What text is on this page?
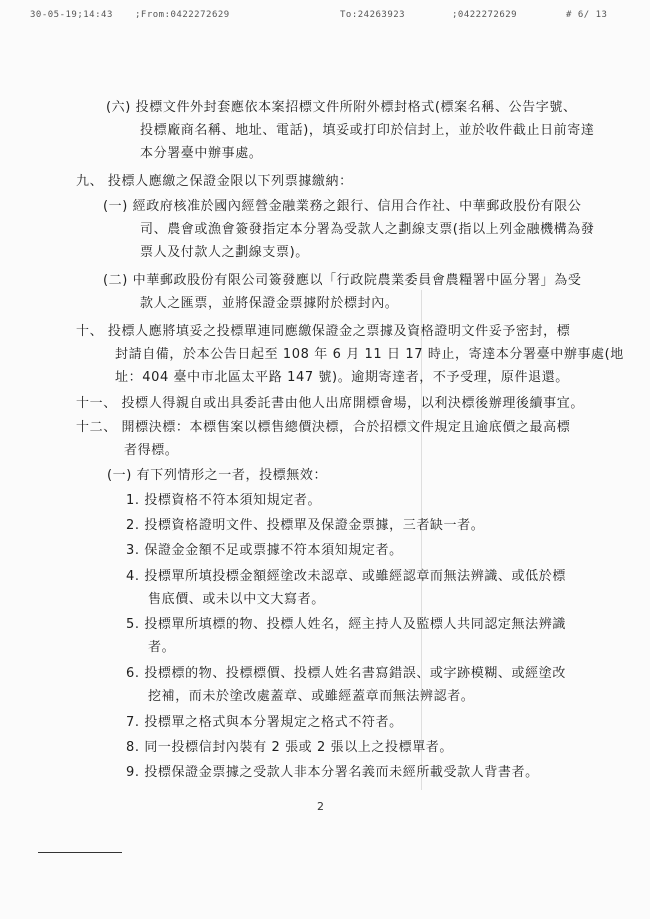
30-05-19;14:43 ;From:0422272629	To:24263923	;0422272629	# 6/ 13
(六) 投標文件外封套應依本案招標文件所附外標封格式(標案名稱、公告字號、
投標廠商名稱、地址、電話)，填妥或打印於信封上，並於收件截止日前寄達
本分署臺中辦事處。
九、 投標人應繳之保證金限以下列票據繳納：
(一) 經政府核准於國內經營金融業務之銀行、信用合作社、中華郵政股份有限公
司、農會或漁會簽發指定本分署為受款人之劃線支票(指以上列金融機構為發
票人及付款人之劃線支票)。
(二) 中華郵政股份有限公司簽發應以「行政院農業委員會農糧署中區分署」為受
款人之匯票，並將保證金票據附於標封內。
十、 投標人應將填妥之投標單連同應繳保證金之票據及資格證明文件妥予密封，標
封請自備，於本公告日起至 108 年 6 月 11 日 17 時止，寄達本分署臺中辦事處(地
址：404 臺中市北區太平路 147 號)。逾期寄達者，不予受理，原件退還。
十一、 投標人得親自或出具委託書由他人出席開標會場，以利決標後辦理後續事宜。
十二、 開標決標：本標售案以標售總價決標，合於招標文件規定且逾底價之最高標
者得標。
(一) 有下列情形之一者，投標無效：
1. 投標資格不符本須知規定者。
2. 投標資格證明文件、投標單及保證金票據，三者缺一者。
3. 保證金金額不足或票據不符本須知規定者。
4. 投標單所填投標金額經塗改未認章、或雖經認章而無法辨識、或低於標
售底價、或未以中文大寫者。
5. 投標單所填標的物、投標人姓名，經主持人及監標人共同認定無法辨識
者。
6. 投標標的物、投標標價、投標人姓名書寫錯誤、或字跡模糊、或經塗改
挖補，而未於塗改處蓋章、或雖經蓋章而無法辨認者。
7. 投標單之格式與本分署規定之格式不符者。
8. 同一投標信封內裝有 2 張或 2 張以上之投標單者。
9. 投標保證金票據之受款人非本分署名義而未經所載受款人背書者。
2
